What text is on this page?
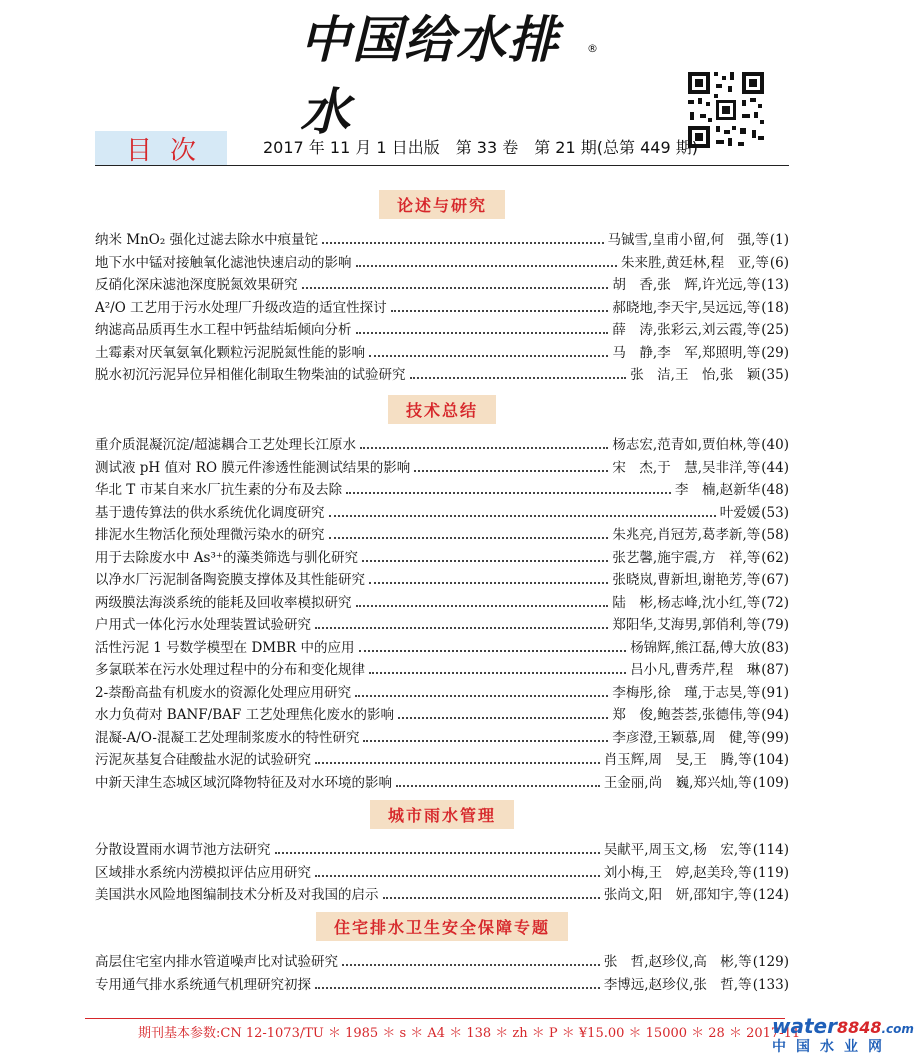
中国给水排水
®
目次	2017 年 11 月 1 日出版　第 33 卷　第 21 期(总第 449 期)
论述与研究
纳米 MnO₂ 强化过滤去除水中痕量铊	马铖雪,皇甫小留,何　强,等 (1)
地下水中锰对接触氧化滤池快速启动的影响	朱来胜,黄廷林,程　亚,等 (6)
反硝化深床滤池深度脱氮效果研究	胡　香,张　辉,许光远,等 (13)
A²/O 工艺用于污水处理厂升级改造的适宜性探讨	郝晓地,李天宇,吴远远,等 (18)
纳滤高品质再生水工程中钙盐结垢倾向分析	薛　涛,张彩云,刘云霞,等 (25)
土霉素对厌氧氨氧化颗粒污泥脱氮性能的影响	马　静,李　军,郑照明,等 (29)
脱水初沉污泥异位异相催化制取生物柴油的试验研究	张　洁,王　怡,张　颖 (35)
技术总结
重介质混凝沉淀/超滤耦合工艺处理长江原水	杨志宏,范青如,贾伯林,等 (40)
测试液 pH 值对 RO 膜元件渗透性能测试结果的影响	宋　杰,于　慧,吴非洋,等 (44)
华北 T 市某自来水厂抗生素的分布及去除	李　楠,赵新华 (48)
基于遗传算法的供水系统优化调度研究	叶爱媛 (53)
排泥水生物活化预处理微污染水的研究	朱兆亮,肖冠芳,葛孝新,等 (58)
用于去除废水中 As³⁺的藻类筛选与驯化研究	张艺馨,施宇震,方　祥,等 (62)
以净水厂污泥制备陶瓷膜支撑体及其性能研究	张晓岚,曹新坦,谢艳芳,等 (67)
两级膜法海淡系统的能耗及回收率模拟研究	陆　彬,杨志峰,沈小红,等 (72)
户用式一体化污水处理装置试验研究	郑阳华,艾海男,郭俏利,等 (79)
活性污泥 1 号数学模型在 DMBR 中的应用	杨锦辉,熊江磊,傅大放 (83)
多氯联苯在污水处理过程中的分布和变化规律	吕小凡,曹秀芹,程　琳 (87)
2-萘酚高盐有机废水的资源化处理应用研究	李梅彤,徐　瑾,于志昊,等 (91)
水力负荷对 BANF/BAF 工艺处理焦化废水的影响	郑　俊,鲍荟荟,张德伟,等 (94)
混凝-A/O-混凝工艺处理制浆废水的特性研究	李彦澄,王颖慕,周　健,等 (99)
污泥灰基复合硅酸盐水泥的试验研究	肖玉辉,周　旻,王　腾,等 (104)
中新天津生态城区域沉降物特征及对水环境的影响	王金丽,尚　巍,郑兴灿,等 (109)
城市雨水管理
分散设置雨水调节池方法研究	吴献平,周玉文,杨　宏,等 (114)
区域排水系统内涝模拟评估应用研究	刘小梅,王　婷,赵美玲,等 (119)
美国洪水风险地图编制技术分析及对我国的启示	张尚文,阳　妍,邵知宇,等 (124)
住宅排水卫生安全保障专题
高层住宅室内排水管道噪声比对试验研究	张　哲,赵珍仪,高　彬,等 (129)
专用通气排水系统通气机理研究初探	李博远,赵珍仪,张　哲,等 (133)
期刊基本参数:CN 12-1073/TU ＊ 1985 ＊ s ＊ A4 ＊ 138 ＊ zh ＊ P ＊ ¥15.00 ＊ 15000 ＊ 28 ＊ 2017-11
water8848.com
中国水业网
